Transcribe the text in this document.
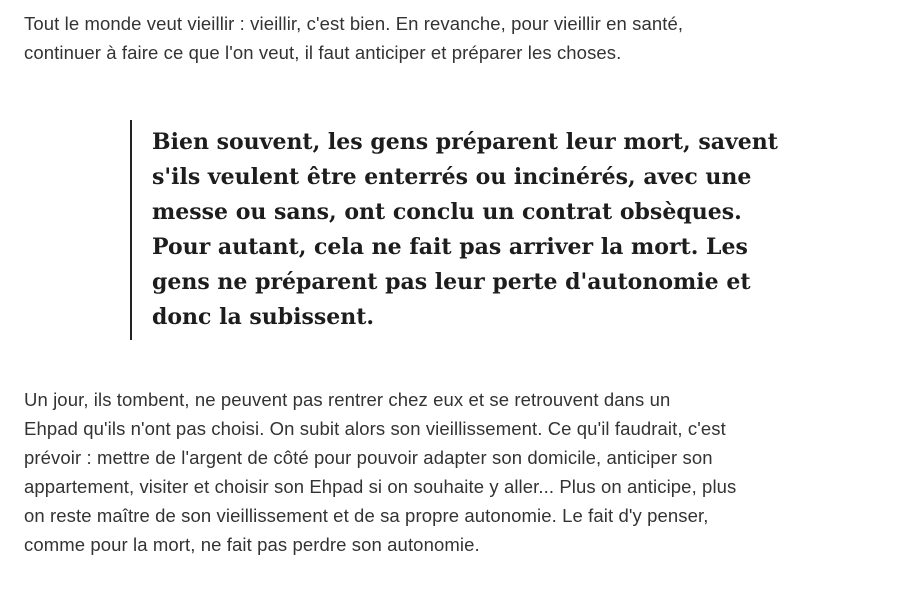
Tout le monde veut vieillir : vieillir, c'est bien. En revanche, pour vieillir en santé,
continuer à faire ce que l'on veut, il faut anticiper et préparer les choses.

Bien souvent, les gens préparent leur mort, savent
s'ils veulent être enterrés ou incinérés, avec une
messe ou sans, ont conclu un contrat obsèques.
Pour autant, cela ne fait pas arriver la mort. Les
gens ne préparent pas leur perte d'autonomie et
donc la subissent.

Un jour, ils tombent, ne peuvent pas rentrer chez eux et se retrouvent dans un
Ehpad qu'ils n'ont pas choisi. On subit alors son vieillissement. Ce qu'il faudrait, c'est
prévoir : mettre de l'argent de côté pour pouvoir adapter son domicile, anticiper son
appartement, visiter et choisir son Ehpad si on souhaite y aller... Plus on anticipe, plus
on reste maître de son vieillissement et de sa propre autonomie. Le fait d'y penser,
comme pour la mort, ne fait pas perdre son autonomie.
